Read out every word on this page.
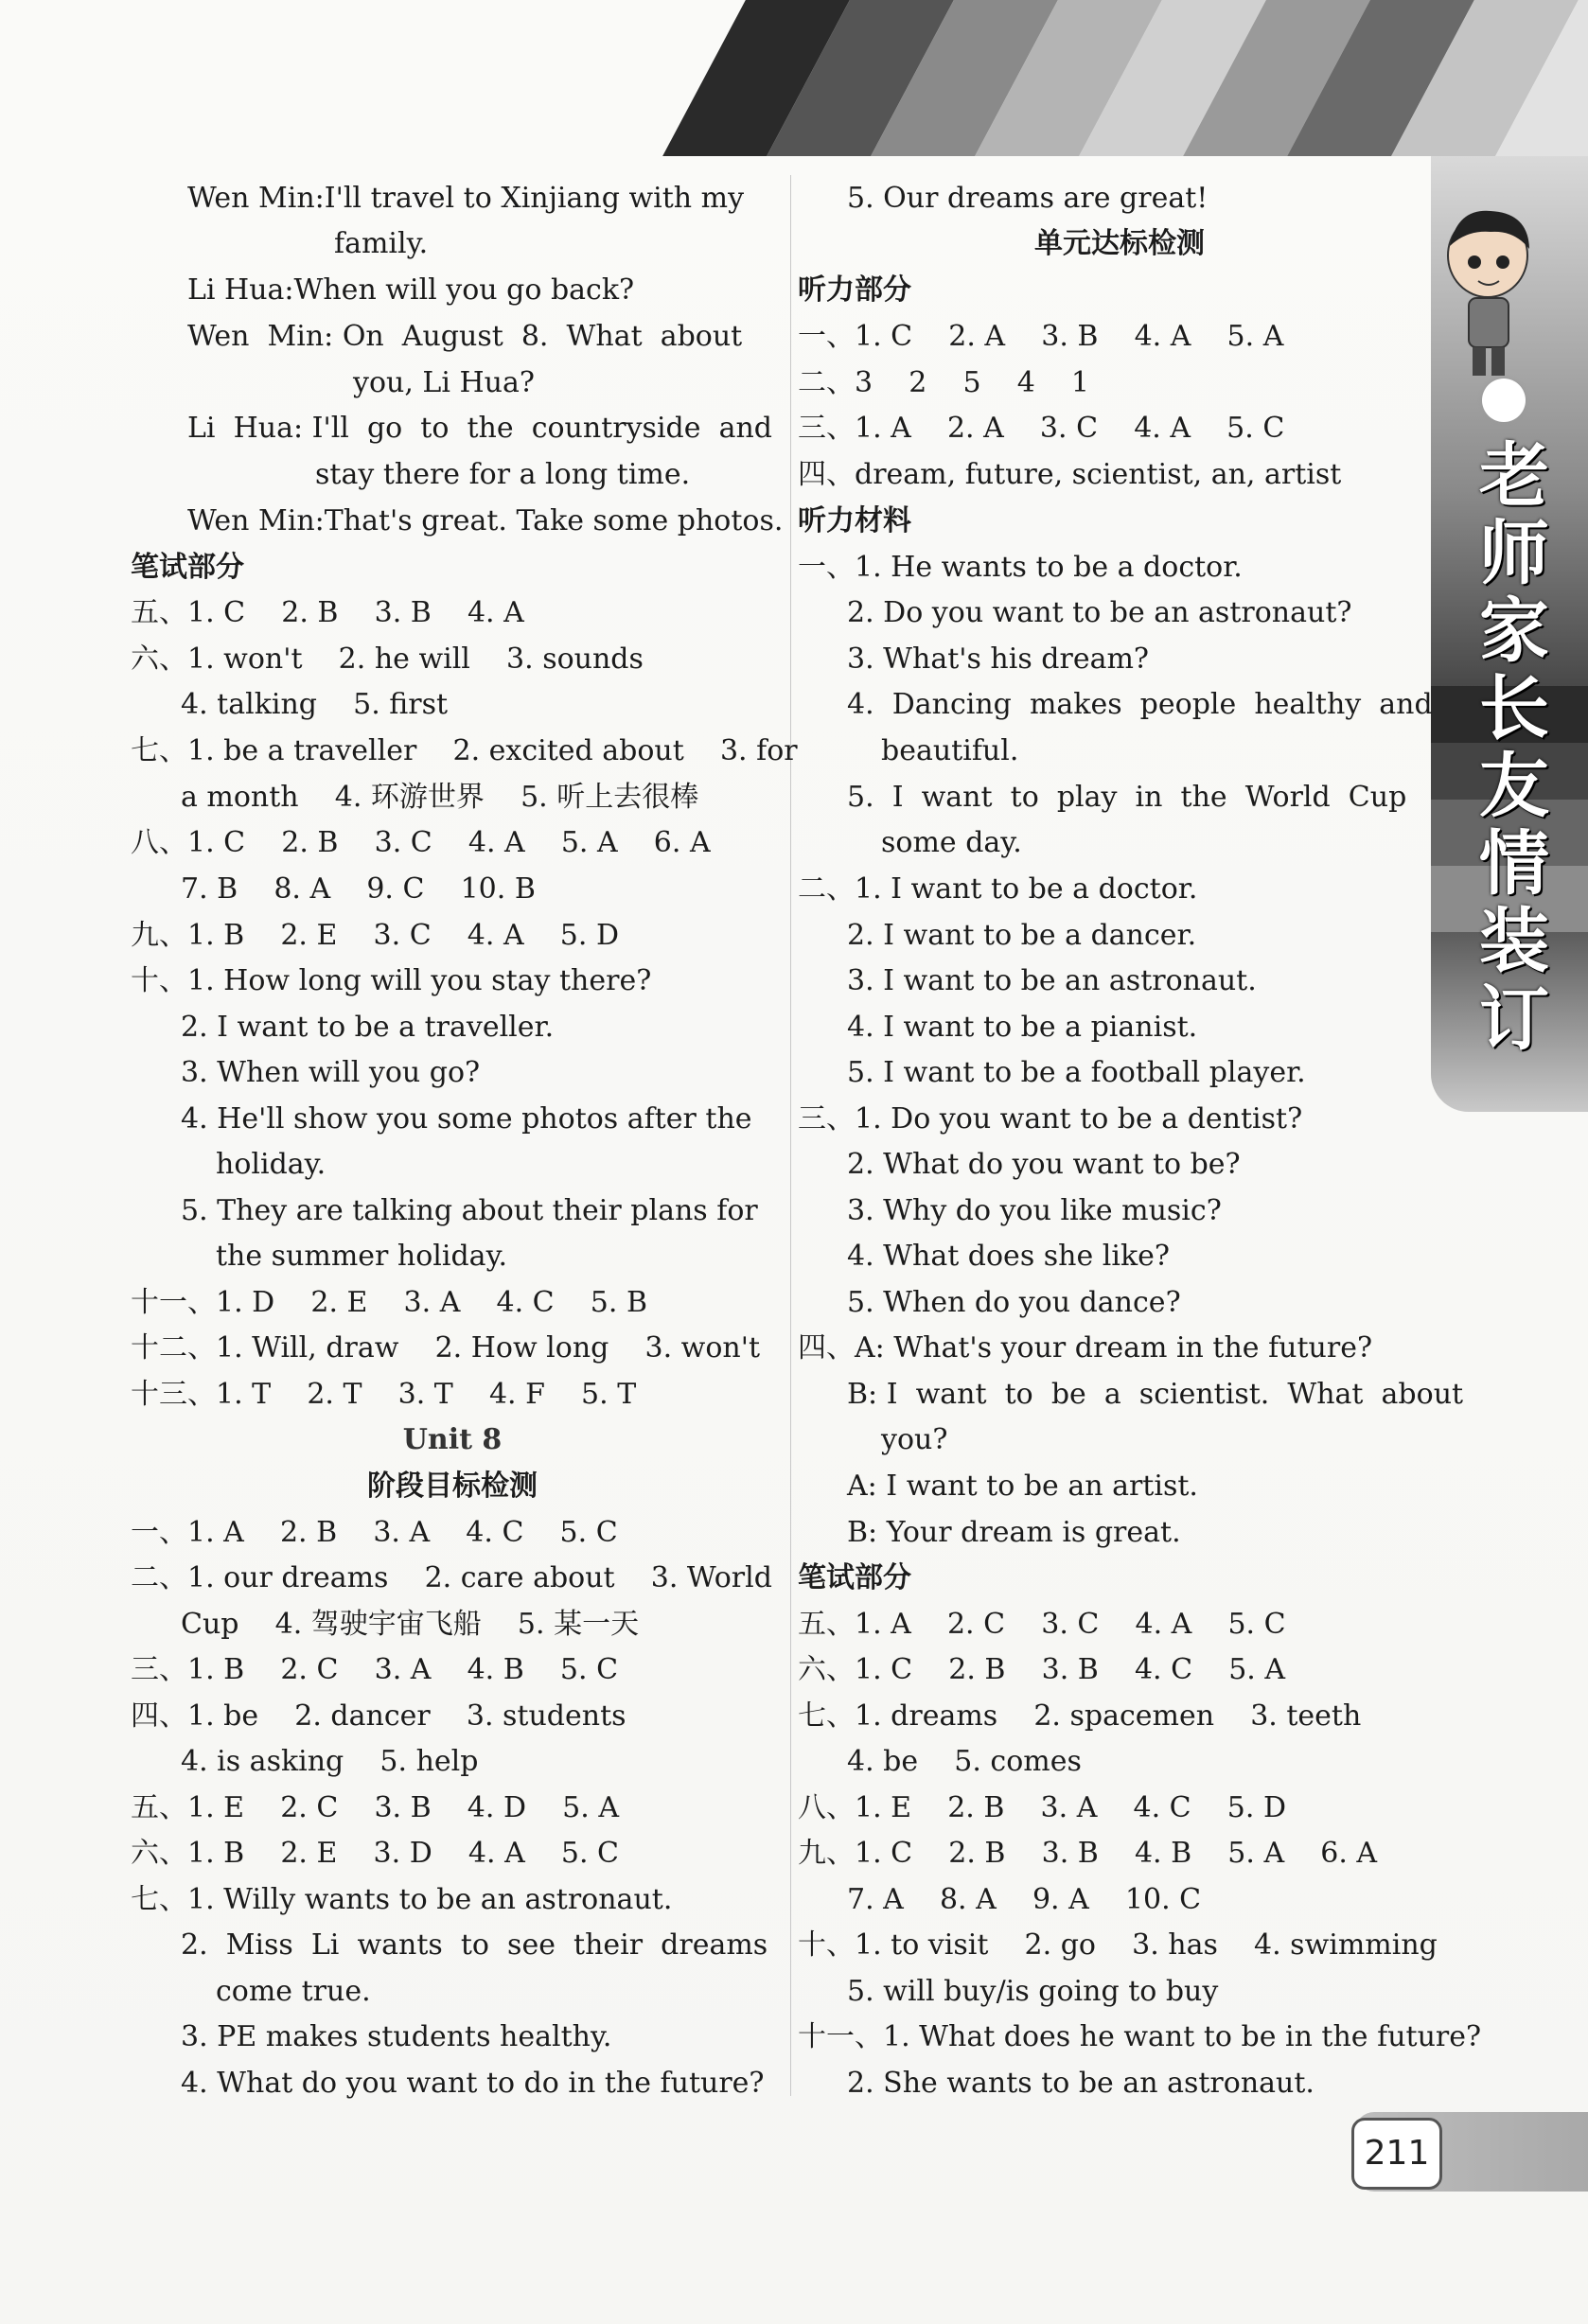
老
师
家
长
友
情
装
订
Wen Min:I'll travel to Xinjiang with my
family.
Li Hua:When will you go back?
Wen  Min: On  August  8.  What  about
you, Li Hua?
Li  Hua: I'll  go  to  the  countryside  and
stay there for a long time.
Wen Min:That's great. Take some photos.
笔试部分
五、1. C    2. B    3. B    4. A
六、1. won't    2. he will    3. sounds
4. talking    5. first
七、1. be a traveller    2. excited about    3. for
a month    4. 环游世界    5. 听上去很棒
八、1. C    2. B    3. C    4. A    5. A    6. A
7. B    8. A    9. C    10. B
九、1. B    2. E    3. C    4. A    5. D
十、1. How long will you stay there?
2. I want to be a traveller.
3. When will you go?
4. He'll show you some photos after the
holiday.
5. They are talking about their plans for
the summer holiday.
十一、1. D    2. E    3. A    4. C    5. B
十二、1. Will, draw    2. How long    3. won't
十三、1. T    2. T    3. T    4. F    5. T
Unit 8
阶段目标检测
一、1. A    2. B    3. A    4. C    5. C
二、1. our dreams    2. care about    3. World
Cup    4. 驾驶宇宙飞船    5. 某一天
三、1. B    2. C    3. A    4. B    5. C
四、1. be    2. dancer    3. students
4. is asking    5. help
五、1. E    2. C    3. B    4. D    5. A
六、1. B    2. E    3. D    4. A    5. C
七、1. Willy wants to be an astronaut.
2.  Miss  Li  wants  to  see  their  dreams
come true.
3. PE makes students healthy.
4. What do you want to do in the future?
5. Our dreams are great!
单元达标检测
听力部分
一、1. C    2. A    3. B    4. A    5. A
二、3    2    5    4    1
三、1. A    2. A    3. C    4. A    5. C
四、dream, future, scientist, an, artist
听力材料
一、1. He wants to be a doctor.
2. Do you want to be an astronaut?
3. What's his dream?
4.  Dancing  makes  people  healthy  and
beautiful.
5.  I  want  to  play  in  the  World  Cup
some day.
二、1. I want to be a doctor.
2. I want to be a dancer.
3. I want to be an astronaut.
4. I want to be a pianist.
5. I want to be a football player.
三、1. Do you want to be a dentist?
2. What do you want to be?
3. Why do you like music?
4. What does she like?
5. When do you dance?
四、A: What's your dream in the future?
B: I  want  to  be  a  scientist.  What  about
you?
A: I want to be an artist.
B: Your dream is great.
笔试部分
五、1. A    2. C    3. C    4. A    5. C
六、1. C    2. B    3. B    4. C    5. A
七、1. dreams    2. spacemen    3. teeth
4. be    5. comes
八、1. E    2. B    3. A    4. C    5. D
九、1. C    2. B    3. B    4. B    5. A    6. A
7. A    8. A    9. A    10. C
十、1. to visit    2. go    3. has    4. swimming
5. will buy/is going to buy
十一、1. What does he want to be in the future?
2. She wants to be an astronaut.
211
